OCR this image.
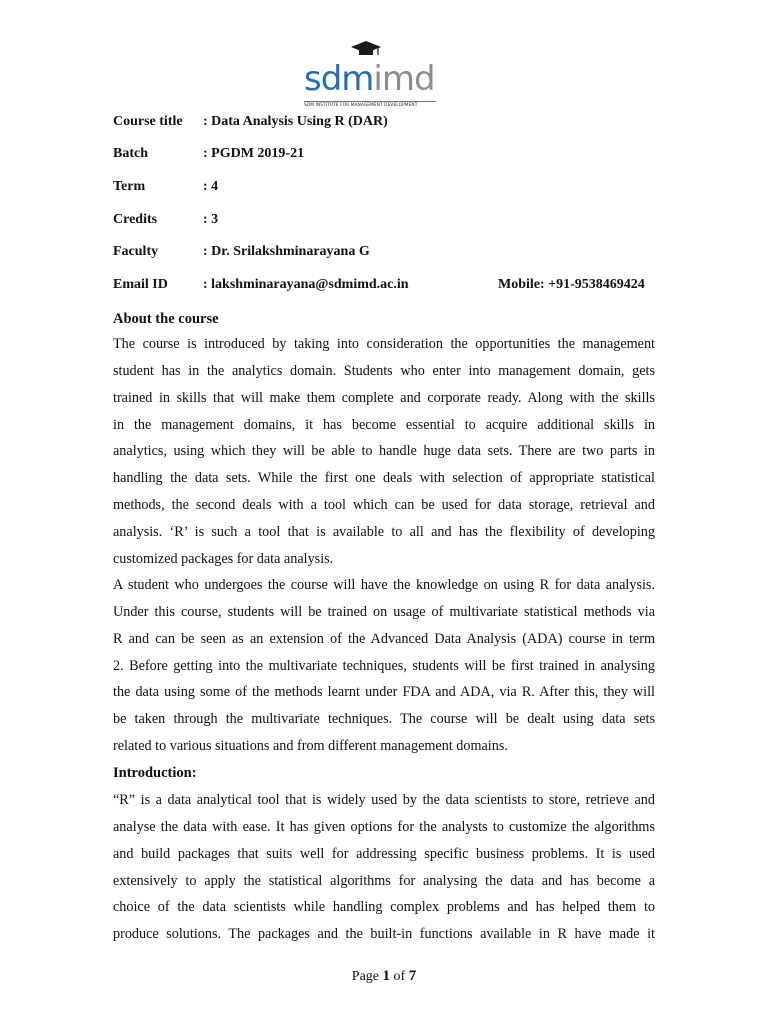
sdmimd
SDM INSTITUTE FOR MANAGEMENT DEVELOPMENT
Course title : Data Analysis Using R (DAR)
Batch	: PGDM 2019-21
Term	: 4
Credits	: 3
Faculty	: Dr. Srilakshminarayana G
Email ID	: lakshminarayana@sdmimd.ac.in	Mobile: +91-9538469424
About the course
The course is introduced by taking into consideration the opportunities the management
student has in the analytics domain. Students who enter into management domain, gets
trained in skills that will make them complete and corporate ready. Along with the skills
in the management domains, it has become essential to acquire additional skills in
analytics, using which they will be able to handle huge data sets. There are two parts in
handling the data sets. While the first one deals with selection of appropriate statistical
methods, the second deals with a tool which can be used for data storage, retrieval and
analysis. ‘R’ is such a tool that is available to all and has the flexibility of developing
customized packages for data analysis.
A student who undergoes the course will have the knowledge on using R for data analysis.
Under this course, students will be trained on usage of multivariate statistical methods via
R and can be seen as an extension of the Advanced Data Analysis (ADA) course in term
2. Before getting into the multivariate techniques, students will be first trained in analysing
the data using some of the methods learnt under FDA and ADA, via R. After this, they will
be taken through the multivariate techniques. The course will be dealt using data sets
related to various situations and from different management domains.
Introduction:
“R” is a data analytical tool that is widely used by the data scientists to store, retrieve and
analyse the data with ease. It has given options for the analysts to customize the algorithms
and build packages that suits well for addressing specific business problems. It is used
extensively to apply the statistical algorithms for analysing the data and has become a
choice of the data scientists while handling complex problems and has helped them to
produce solutions. The packages and the built-in functions available in R have made it
Page 1 of 7
